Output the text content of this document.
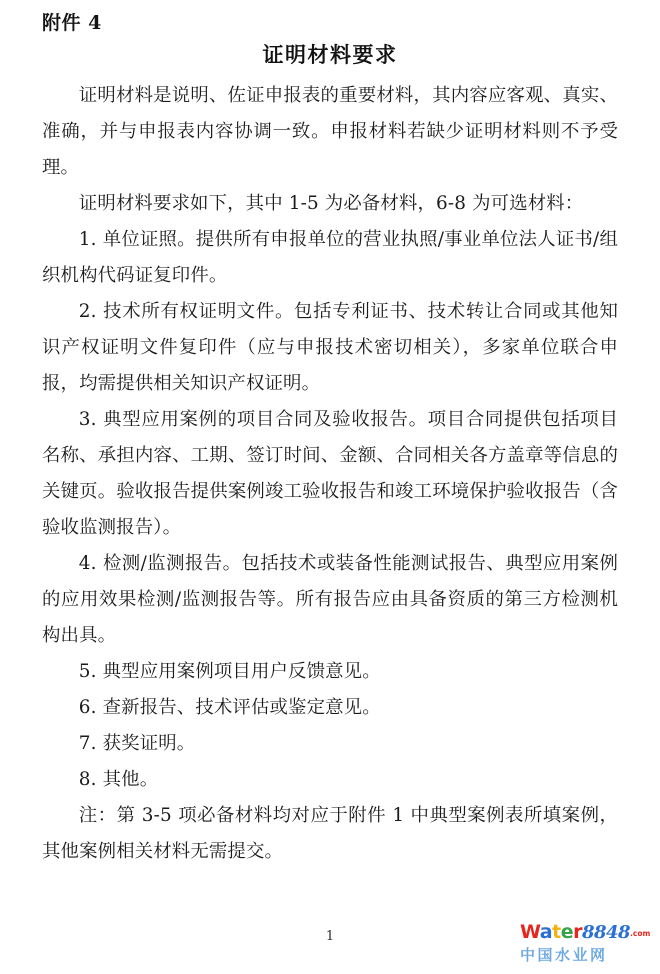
附件 4
证明材料要求

证明材料是说明、佐证申报表的重要材料，其内容应客观、真实、准确，并与申报表内容协调一致。申报材料若缺少证明材料则不予受理。

证明材料要求如下，其中 1-5 为必备材料，6-8 为可选材料：

1. 单位证照。提供所有申报单位的营业执照/事业单位法人证书/组织机构代码证复印件。

2. 技术所有权证明文件。包括专利证书、技术转让合同或其他知识产权证明文件复印件（应与申报技术密切相关），多家单位联合申报，均需提供相关知识产权证明。

3. 典型应用案例的项目合同及验收报告。项目合同提供包括项目名称、承担内容、工期、签订时间、金额、合同相关各方盖章等信息的关键页。验收报告提供案例竣工验收报告和竣工环境保护验收报告（含验收监测报告）。

4. 检测/监测报告。包括技术或装备性能测试报告、典型应用案例的应用效果检测/监测报告等。所有报告应由具备资质的第三方检测机构出具。

5. 典型应用案例项目用户反馈意见。

6. 查新报告、技术评估或鉴定意见。

7. 获奖证明。

8. 其他。

注：第 3-5 项必备材料均对应于附件 1 中典型案例表所填案例，其他案例相关材料无需提交。

1	Water8848.com
中国水业网
